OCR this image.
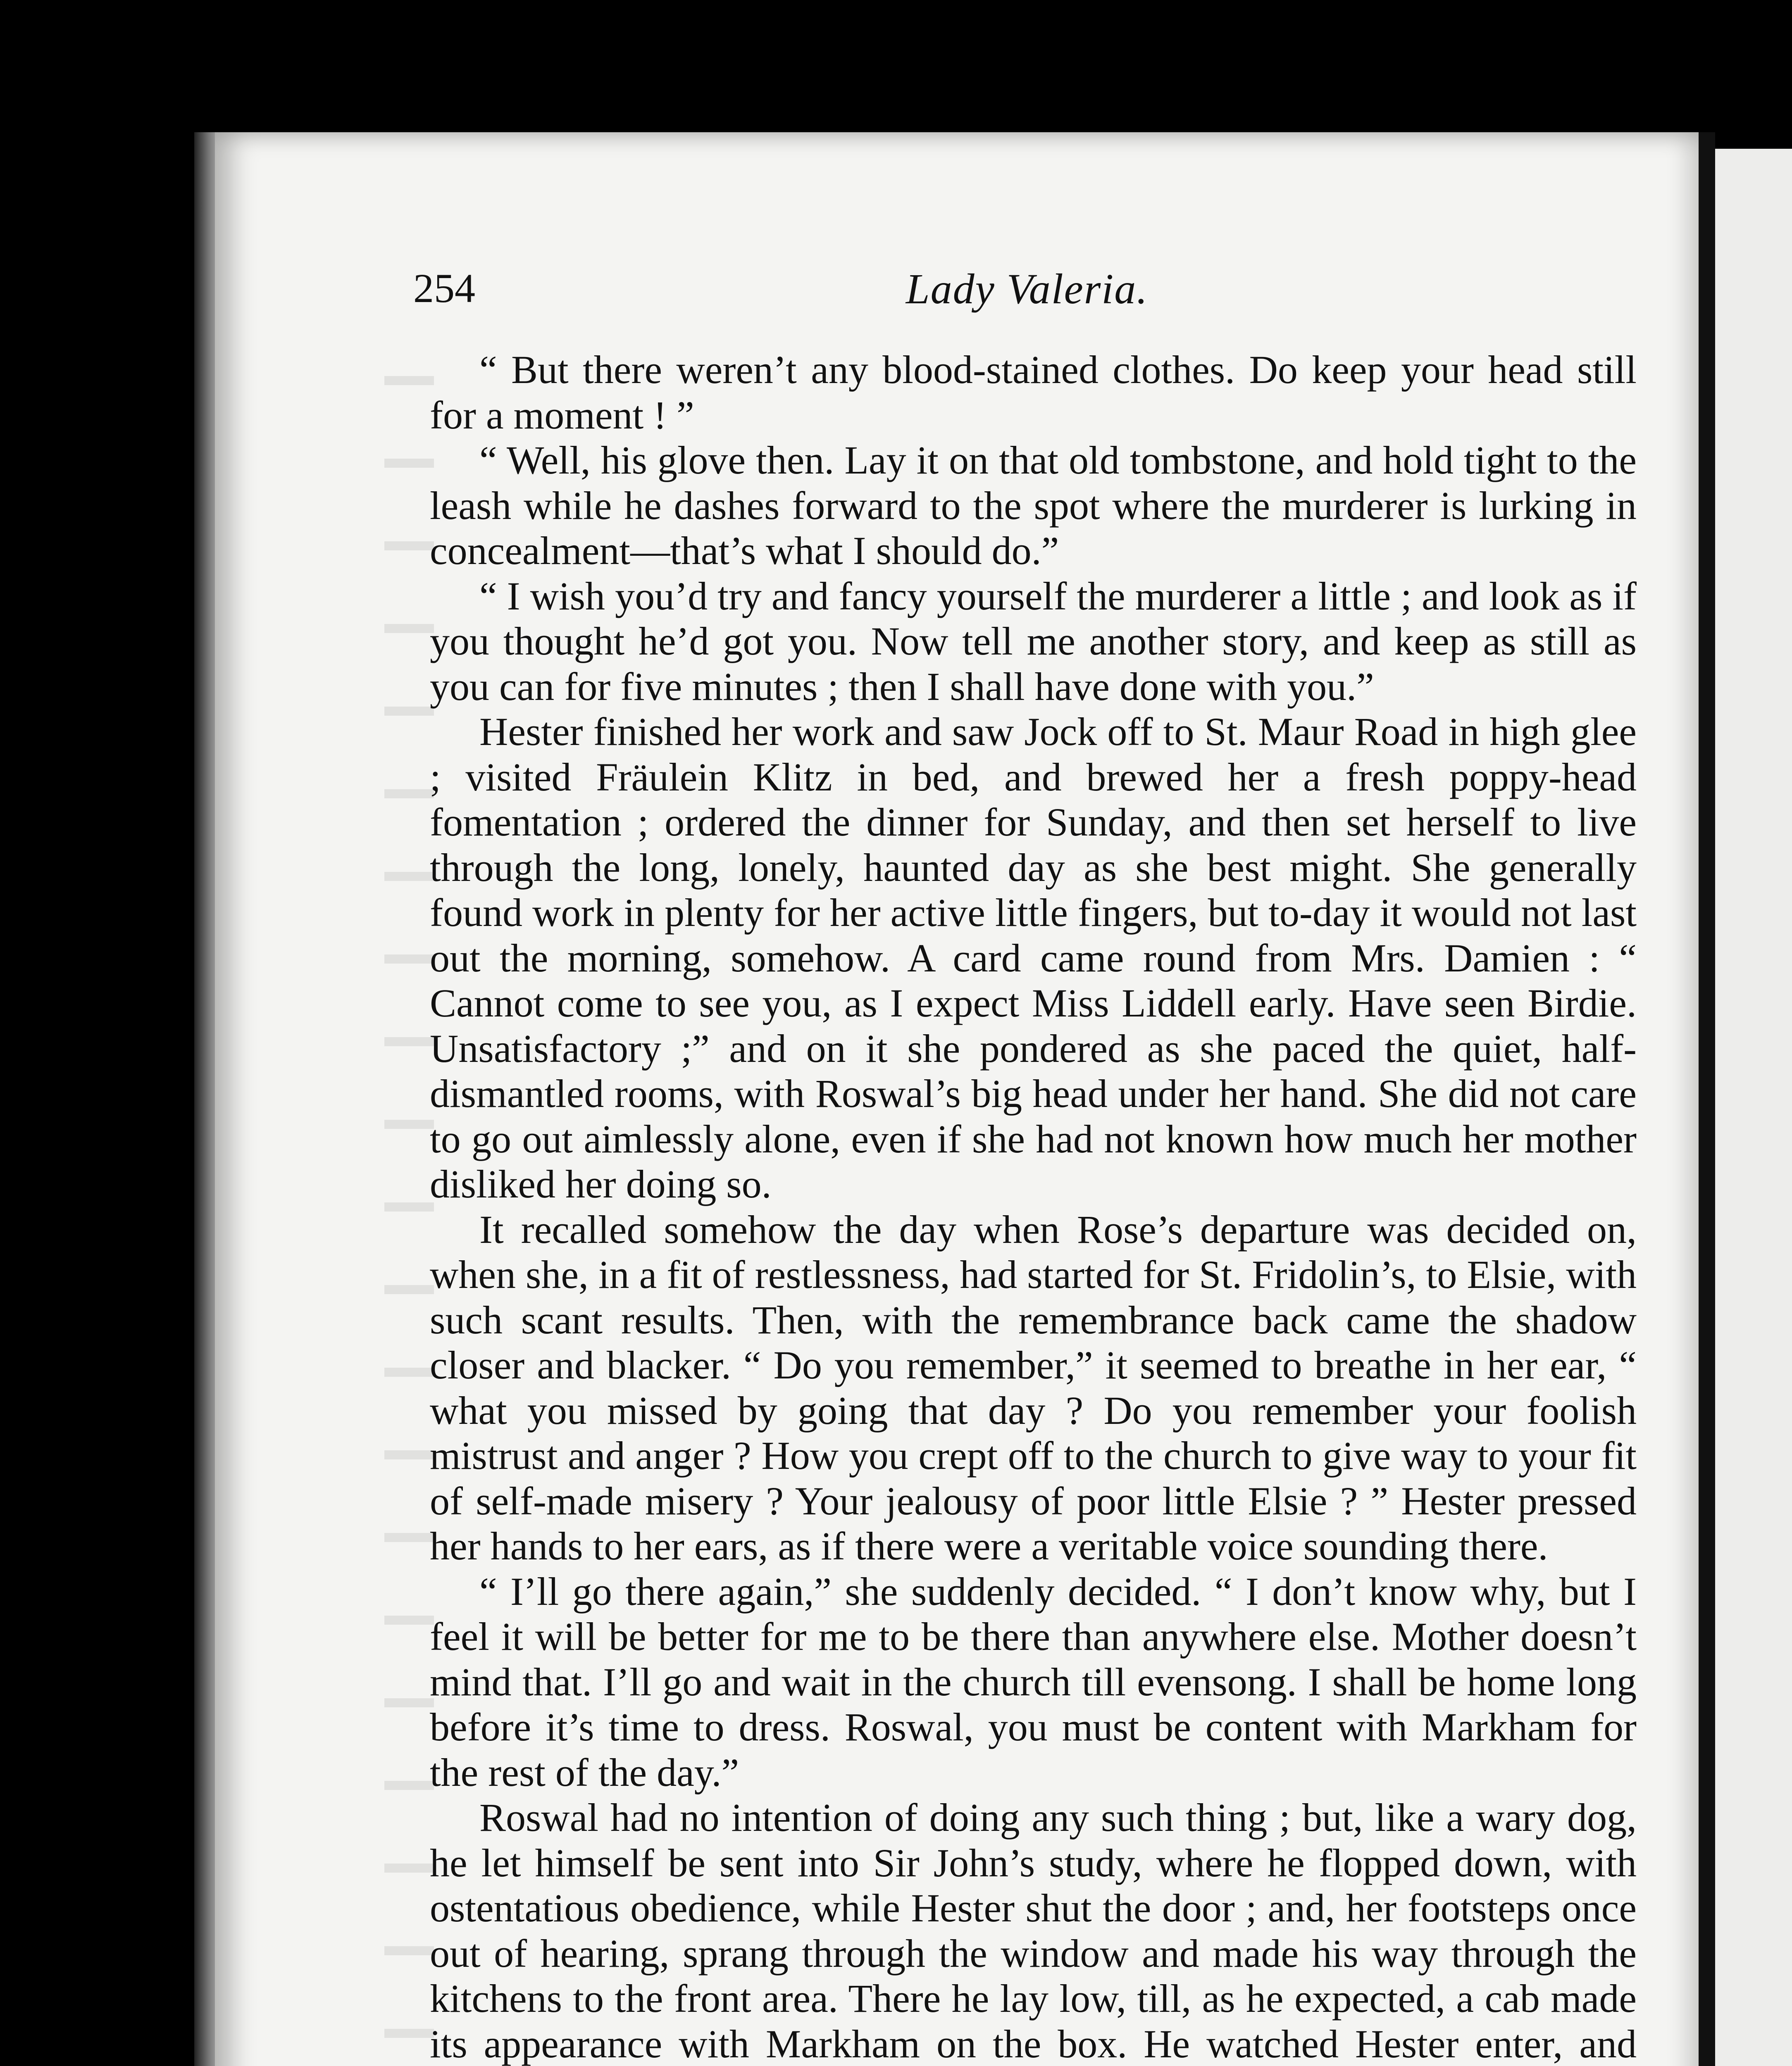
254	Lady Valeria.

“ But there weren’t any blood-stained clothes. Do keep your head still for a moment ! ”

“ Well, his glove then. Lay it on that old tombstone, and hold tight to the leash while he dashes forward to the spot where the murderer is lurking in concealment—that’s what I should do.”

“ I wish you’d try and fancy yourself the murderer a little ; and look as if you thought he’d got you. Now tell me another story, and keep as still as you can for five minutes ; then I shall have done with you.”

Hester finished her work and saw Jock off to St. Maur Road in high glee ; visited Fräulein Klitz in bed, and brewed her a fresh poppy-head fomentation ; ordered the dinner for Sunday, and then set herself to live through the long, lonely, haunted day as she best might. She generally found work in plenty for her active little fingers, but to-day it would not last out the morning, somehow. A card came round from Mrs. Damien : “ Cannot come to see you, as I expect Miss Liddell early. Have seen Birdie. Unsatisfactory ;” and on it she pondered as she paced the quiet, half-dismantled rooms, with Roswal’s big head under her hand. She did not care to go out aimlessly alone, even if she had not known how much her mother disliked her doing so.

It recalled somehow the day when Rose’s departure was decided on, when she, in a fit of restlessness, had started for St. Fridolin’s, to Elsie, with such scant results. Then, with the remembrance back came the shadow closer and blacker. “ Do you remember,” it seemed to breathe in her ear, “ what you missed by going that day ? Do you remember your foolish mistrust and anger ? How you crept off to the church to give way to your fit of self-made misery ? Your jealousy of poor little Elsie ? ” Hester pressed her hands to her ears, as if there were a veritable voice sounding there.

“ I’ll go there again,” she suddenly decided. “ I don’t know why, but I feel it will be better for me to be there than anywhere else. Mother doesn’t mind that. I’ll go and wait in the church till evensong. I shall be home long before it’s time to dress. Roswal, you must be content with Markham for the rest of the day.”

Roswal had no intention of doing any such thing ; but, like a wary dog, he let himself be sent into Sir John’s study, where he flopped down, with ostentatious obedience, while Hester shut the door ; and, her footsteps once out of hearing, sprang through the window and made his way through the kitchens to the front area. There he lay low, till, as he expected, a cab made its appearance with Markham on the box. He watched Hester enter, and
